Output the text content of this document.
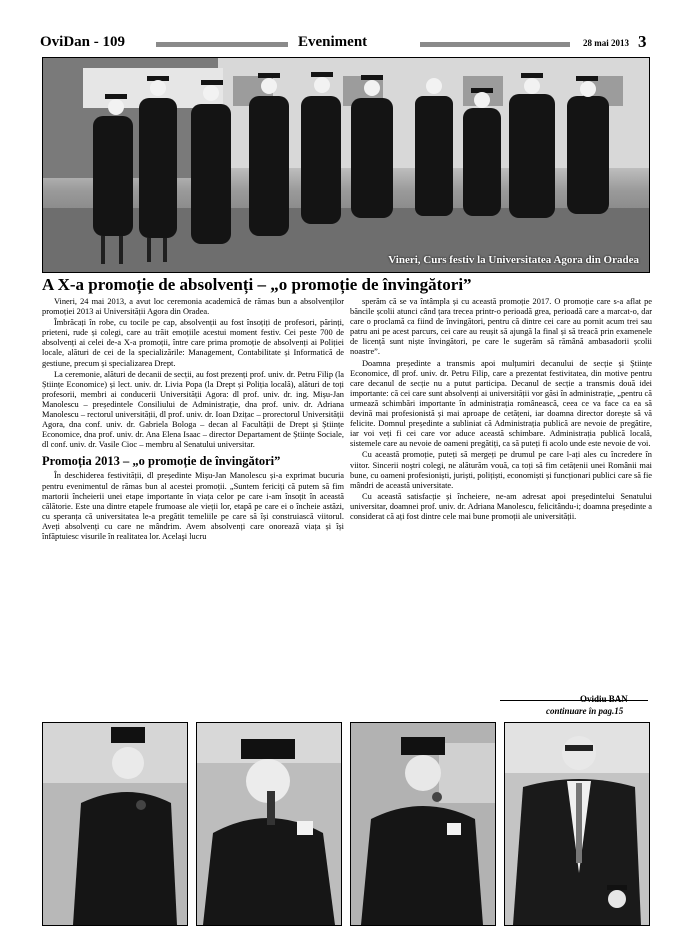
OviDan - 109	Eveniment	28 mai 2013 3
Vineri, Curs festiv la Universitatea Agora din Oradea
A X-a promoție de absolvenți – „o promoție de învingători”

Vineri, 24 mai 2013, a avut loc ceremonia academică de rămas bun a absolvenților promoției 2013 ai Universității Agora din Oradea.

Îmbrăcați în robe, cu tocile pe cap, absolvenții au fost însoțiți de profesori, părinți, prieteni, rude și colegi, care au trăit emoțiile acestui moment festiv. Cei peste 700 de absolvenți ai celei de-a X-a promoții, între care prima promoție de absolvenți ai Poliției locale, alături de cei de la specializările: Management, Contabilitate și Informatică de gestiune, precum și specializarea Drept.

La ceremonie, alături de decanii de secții, au fost prezenți prof. univ. dr. Petru Filip (la Științe Economice) și lect. univ. dr. Livia Popa (la Drept și Poliția locală), alături de toți profesorii, membri ai conducerii Universității Agora: dl prof. univ. dr. ing. Mișu-Jan Manolescu – președintele Consiliului de Administrație, dna prof. univ. dr. Adriana Manolescu – rectorul universității, dl prof. univ. dr. Ioan Dzițac – prorectorul Universității Agora, dna conf. univ. dr. Gabriela Bologa – decan al Facultății de Drept și Științe Economice, dna prof. univ. dr. Ana Elena Isaac – director Departament de Științe Sociale, dl conf. univ. dr. Vasile Cioc – membru al Senatului universitar.

Promoția 2013 – „o promoție de învingători”

În deschiderea festivității, dl președinte Mișu-Jan Manolescu și-a exprimat bucuria pentru evenimentul de rămas bun al acestei promoții. „Suntem fericiți că putem să fim martorii încheierii unei etape importante în viața celor pe care i-am însoțit în această călătorie. Este una dintre etapele frumoase ale vieții lor, etapă pe care ei o încheie astăzi, cu speranța că universitatea le-a pregătit temeliile pe care să își construiască viitorul. Aveți absolvenți cu care ne mândrim. Avem absolvenți care onorează viața și își înfăptuiesc visurile în realitatea lor. Acelaşi lucru

sperăm că se va întâmpla și cu această promoție 2017. O promoție care s-a aflat pe băncile școlii atunci când țara trecea printr-o perioadă grea, perioadă care a marcat-o, dar care o proclamă ca fiind de învingători, pentru că dintre cei care au pornit acum trei sau patru ani pe acest parcurs, cei care au reușit să ajungă la final și să treacă prin examenele de licență sunt niște învingători, pe care le sugerăm să rămână ambasadorii școlii noastre”.

Doamna președinte a transmis apoi mulțumiri decanului de secție și Științe Economice, dl prof. univ. dr. Petru Filip, care a prezentat festivitatea, din motive pentru care decanul de secție nu a putut participa. Decanul de secție a transmis două idei importante: că cei care sunt absolvenți ai universității vor găsi în administrație, „pentru că urmează schimbări importante în administrația românească, ceea ce va face ca ea să devină mai profesionistă și mai aproape de cetățeni, iar doamna director dorește să vă felicite. Domnul președinte a subliniat că Administrația publică are nevoie de pregătire, iar voi veți fi cei care vor aduce această schimbare. Administrația publică locală, sistemele care au nevoie de oameni pregătiți, ca să puteți fi acolo unde este nevoie de voi.

Cu această promoție, puteți să mergeți pe drumul pe care l-ați ales cu încredere în viitor. Sincerii noștri colegi, ne alăturăm vouă, ca toți să fim cetățenii unei Românii mai bune, cu oameni profesioniști, juriști, polițiști, economiști și funcționari publici care să fie mândri de această universitate.

Cu această satisfacție și încheiere, ne-am adresat apoi președintelui Senatului universitar, doamnei prof. univ. dr. Adriana Manolescu, felicitându-i; doamna președinte a considerat că ați fost dintre cele mai bune promoții ale universității.

Ovidiu BAN
continuare în pag.15
